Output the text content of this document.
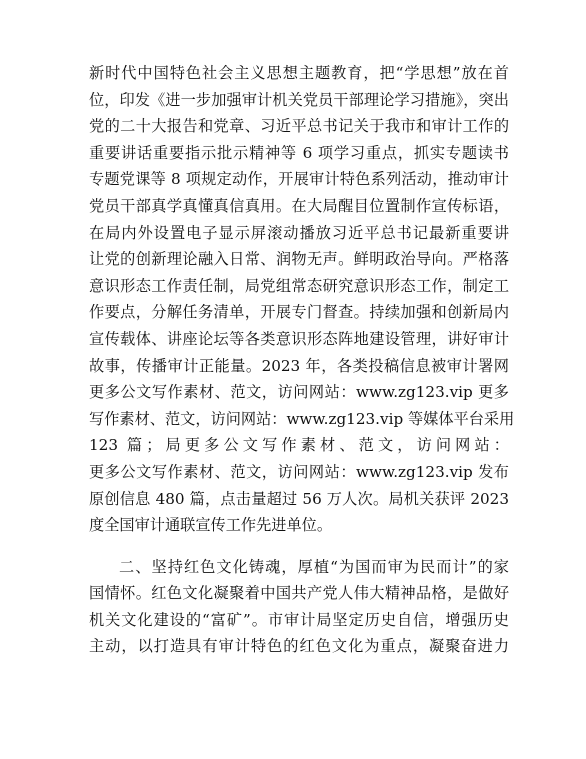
新时代中国特色社会主义思想主题教育，把“学思想”放在首
位，印发《进一步加强审计机关党员干部理论学习措施》，突出
党的二十大报告和党章、习近平总书记关于我市和审计工作的
重要讲话重要指示批示精神等 6 项学习重点，抓实专题读书
专题党课等 8 项规定动作，开展审计特色系列活动，推动审计
党员干部真学真懂真信真用。在大局醒目位置制作宣传标语，
在局内外设置电子显示屏滚动播放习近平总书记最新重要讲
让党的创新理论融入日常、润物无声。鲜明政治导向。严格落
意识形态工作责任制，局党组常态研究意识形态工作，制定工
作要点，分解任务清单，开展专门督查。持续加强和创新局内
宣传载体、讲座论坛等各类意识形态阵地建设管理，讲好审计
故事，传播审计正能量。2023 年，各类投稿信息被审计署网
更多公文写作素材、范文，访问网站：www.zg123.vip 更多
写作素材、范文，访问网站：www.zg123.vip 等媒体平台采用
123 篇；局更多公文写作素材、范文，访问网站：
更多公文写作素材、范文，访问网站：www.zg123.vip 发布
原创信息 480 篇，点击量超过 56 万人次。局机关获评 2023
度全国审计通联宣传工作先进单位。
二、坚持红色文化铸魂，厚植“为国而审为民而计”的家
国情怀。红色文化凝聚着中国共产党人伟大精神品格，是做好
机关文化建设的“富矿”。市审计局坚定历史自信，增强历史
主动，以打造具有审计特色的红色文化为重点，凝聚奋进力
